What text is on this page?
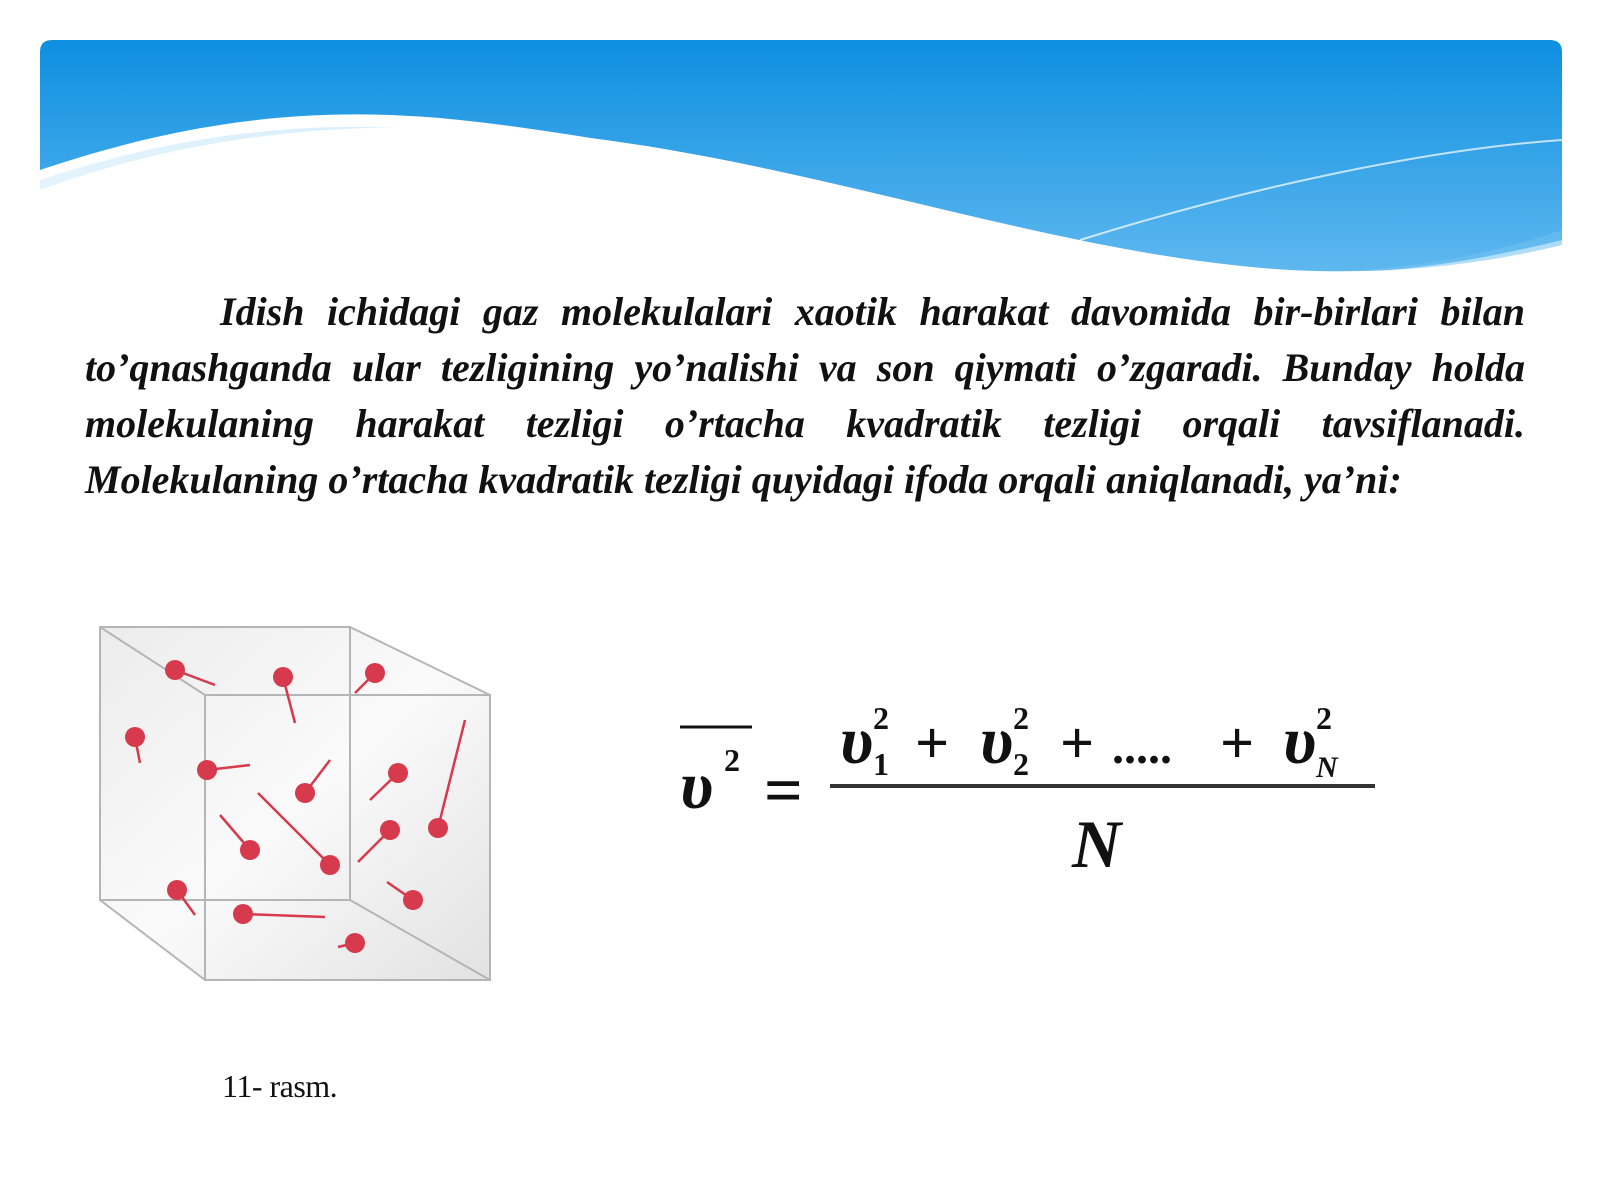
Idish ichidagi gaz molekulalari xaotik harakat davomida bir-birlari bilan to’qnashganda ular tezligining yo’nalishi va son qiymati o’zgaradi. Bunday holda molekulaning harakat tezligi o’rtacha kvadratik tezligi orqali tavsiflanadi. Molekulaning o’rtacha kvadratik tezligi quyidagi ifoda orqali aniqlanadi, ya’ni:

11- rasm.
υ 2 =
υ 2
1 + υ 2
2 + ..... + υ 2
N
N
